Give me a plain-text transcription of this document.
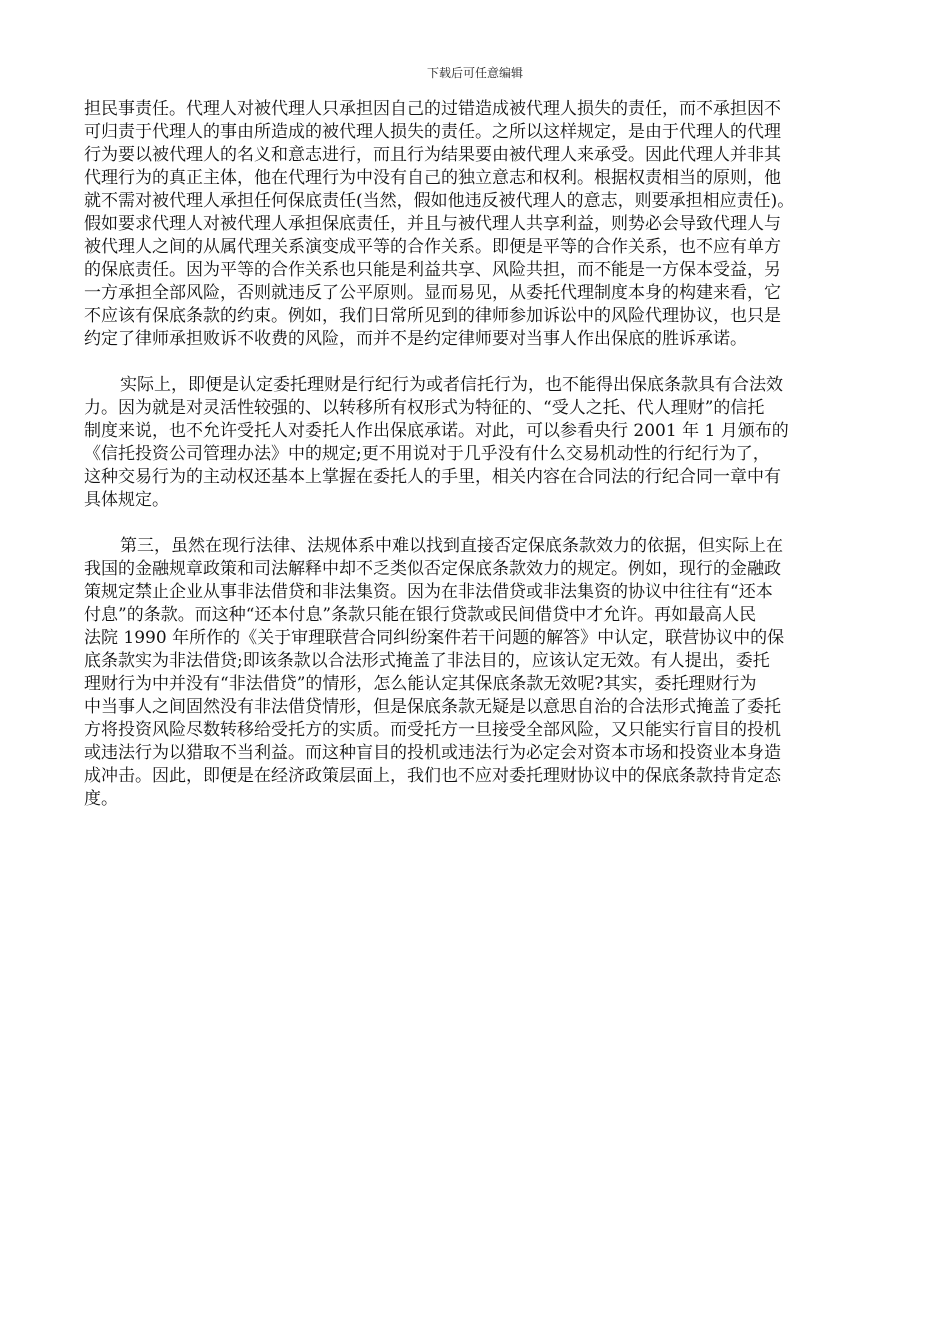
下载后可任意编辑

担民事责任。代理人对被代理人只承担因自己的过错造成被代理人损失的责任，而不承担因不
可归责于代理人的事由所造成的被代理人损失的责任。之所以这样规定，是由于代理人的代理
行为要以被代理人的名义和意志进行，而且行为结果要由被代理人来承受。因此代理人并非其
代理行为的真正主体，他在代理行为中没有自己的独立意志和权利。根据权责相当的原则，他
就不需对被代理人承担任何保底责任(当然，假如他违反被代理人的意志，则要承担相应责任)。
假如要求代理人对被代理人承担保底责任，并且与被代理人共享利益，则势必会导致代理人与
被代理人之间的从属代理关系演变成平等的合作关系。即便是平等的合作关系，也不应有单方
的保底责任。因为平等的合作关系也只能是利益共享、风险共担，而不能是一方保本受益，另
一方承担全部风险，否则就违反了公平原则。显而易见，从委托代理制度本身的构建来看，它
不应该有保底条款的约束。例如，我们日常所见到的律师参加诉讼中的风险代理协议，也只是
约定了律师承担败诉不收费的风险，而并不是约定律师要对当事人作出保底的胜诉承诺。

实际上，即便是认定委托理财是行纪行为或者信托行为，也不能得出保底条款具有合法效
力。因为就是对灵活性较强的、以转移所有权形式为特征的、“受人之托、代人理财”的信托
制度来说，也不允许受托人对委托人作出保底承诺。对此，可以参看央行 2001 年 1 月颁布的
《信托投资公司管理办法》中的规定;更不用说对于几乎没有什么交易机动性的行纪行为了，
这种交易行为的主动权还基本上掌握在委托人的手里，相关内容在合同法的行纪合同一章中有
具体规定。

第三，虽然在现行法律、法规体系中难以找到直接否定保底条款效力的依据，但实际上在
我国的金融规章政策和司法解释中却不乏类似否定保底条款效力的规定。例如，现行的金融政
策规定禁止企业从事非法借贷和非法集资。因为在非法借贷或非法集资的协议中往往有“还本
付息”的条款。而这种“还本付息”条款只能在银行贷款或民间借贷中才允许。再如最高人民
法院 1990 年所作的《关于审理联营合同纠纷案件若干问题的解答》中认定，联营协议中的保
底条款实为非法借贷;即该条款以合法形式掩盖了非法目的，应该认定无效。有人提出，委托
理财行为中并没有“非法借贷”的情形，怎么能认定其保底条款无效呢?其实，委托理财行为
中当事人之间固然没有非法借贷情形，但是保底条款无疑是以意思自治的合法形式掩盖了委托
方将投资风险尽数转移给受托方的实质。而受托方一旦接受全部风险，又只能实行盲目的投机
或违法行为以猎取不当利益。而这种盲目的投机或违法行为必定会对资本市场和投资业本身造
成冲击。因此，即便是在经济政策层面上，我们也不应对委托理财协议中的保底条款持肯定态
度。
